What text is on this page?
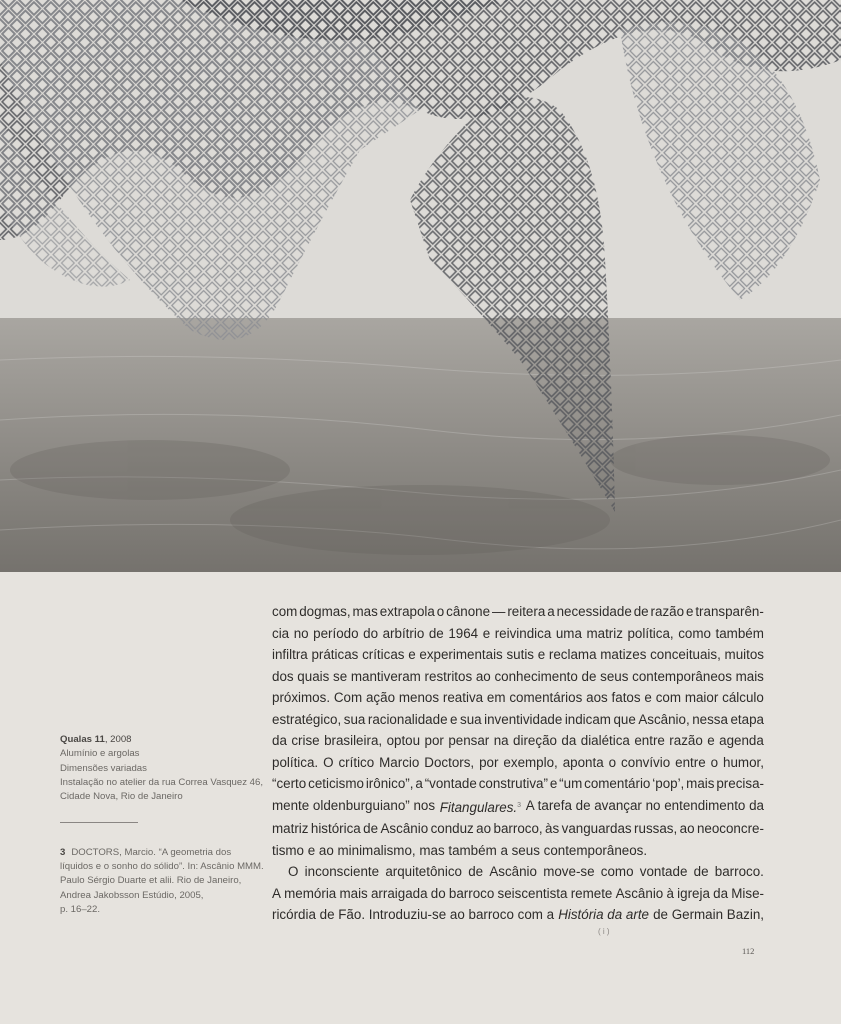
Qualas 11, 2008
Alumínio e argolas
Dimensões variadas
Instalação no atelier da rua Correa Vasquez 46,
Cidade Nova, Rio de Janeiro
3 DOCTORS, Marcio. “A geometria dos
líquidos e o sonho do sólido”. In: Ascânio MMM.
Paulo Sérgio Duarte et alii. Rio de Janeiro,
Andrea Jakobsson Estúdio, 2005,
p. 16–22.
com dogmas, mas extrapola o cânone — reitera a necessidade de razão e transparên-
cia no período do arbítrio de 1964 e reivindica uma matriz política, como também
infiltra práticas críticas e experimentais sutis e reclama matizes conceituais, muitos
dos quais se mantiveram restritos ao conhecimento de seus contemporâneos mais
próximos. Com ação menos reativa em comentários aos fatos e com maior cálculo
estratégico, sua racionalidade e sua inventividade indicam que Ascânio, nessa etapa
da crise brasileira, optou por pensar na direção da dialética entre razão e agenda
política. O crítico Marcio Doctors, por exemplo, aponta o convívio entre o humor,
“certo ceticismo irônico”, a “vontade construtiva” e “um comentário ‘pop’, mais precisa-
mente oldenburguiano” nos Fitangulares.$^3$ A tarefa de avançar no entendimento da
matriz histórica de Ascânio conduz ao barroco, às vanguardas russas, ao neoconcre-
tismo e ao minimalismo, mas também a seus contemporâneos.
O inconsciente arquitetônico de Ascânio move-se como vontade de barroco.
A memória mais arraigada do barroco seiscentista remete Ascânio à igreja da Mise-
ricórdia de Fão. Introduziu-se ao barroco com a História da arte de Germain Bazin,
( i )
112
